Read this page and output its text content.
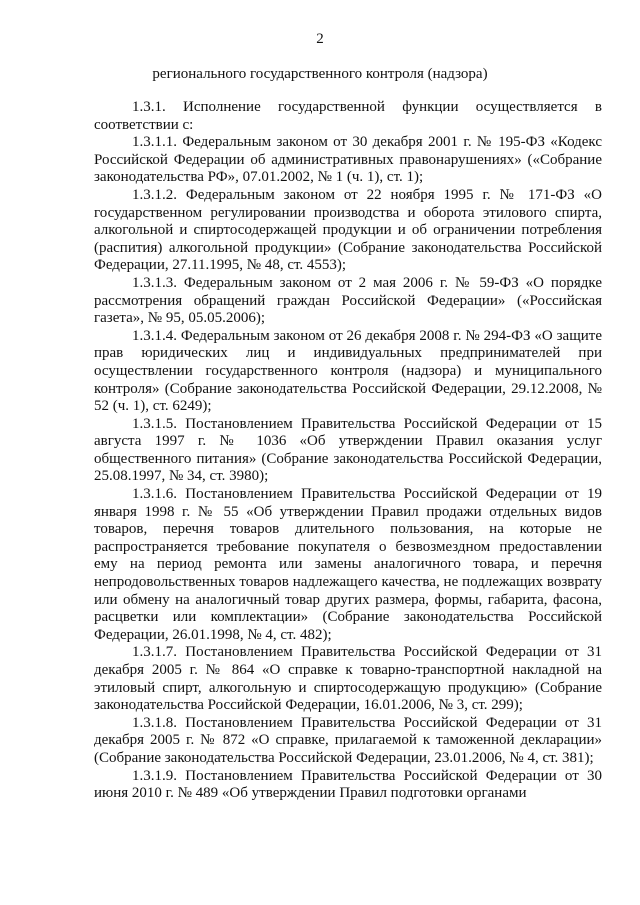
2
регионального государственного контроля (надзора)

1.3.1. Исполнение государственной функции осуществляется в соответствии с:

1.3.1.1. Федеральным законом от 30 декабря 2001 г. № 195-ФЗ «Кодекс Российской Федерации об административных правонарушениях» («Собрание законодательства РФ», 07.01.2002, № 1 (ч. 1), ст. 1);

1.3.1.2. Федеральным законом от 22 ноября 1995 г. № 171-ФЗ «О государственном регулировании производства и оборота этилового спирта, алкогольной и спиртосодержащей продукции и об ограничении потребления (распития) алкогольной продукции» (Собрание законодательства Российской Федерации, 27.11.1995, № 48, ст. 4553);

1.3.1.3. Федеральным законом от 2 мая 2006 г. № 59-ФЗ «О порядке рассмотрения обращений граждан Российской Федерации» («Российская газета», № 95, 05.05.2006);

1.3.1.4. Федеральным законом от 26 декабря 2008 г. № 294-ФЗ «О защите прав юридических лиц и индивидуальных предпринимателей при осуществлении государственного контроля (надзора) и муниципального контроля» (Собрание законодательства Российской Федерации, 29.12.2008, № 52 (ч. 1), ст. 6249);

1.3.1.5. Постановлением Правительства Российской Федерации от 15 августа 1997 г. № 1036 «Об утверждении Правил оказания услуг общественного питания» (Собрание законодательства Российской Федерации, 25.08.1997, № 34, ст. 3980);

1.3.1.6. Постановлением Правительства Российской Федерации от 19 января 1998 г. № 55 «Об утверждении Правил продажи отдельных видов товаров, перечня товаров длительного пользования, на которые не распространяется требование покупателя о безвозмездном предоставлении ему на период ремонта или замены аналогичного товара, и перечня непродовольственных товаров надлежащего качества, не подлежащих возврату или обмену на аналогичный товар других размера, формы, габарита, фасона, расцветки или комплектации» (Собрание законодательства Российской Федерации, 26.01.1998, № 4, ст. 482);

1.3.1.7. Постановлением Правительства Российской Федерации от 31 декабря 2005 г. № 864 «О справке к товарно-транспортной накладной на этиловый спирт, алкогольную и спиртосодержащую продукцию» (Собрание законодательства Российской Федерации, 16.01.2006, № 3, ст. 299);

1.3.1.8. Постановлением Правительства Российской Федерации от 31 декабря 2005 г. № 872 «О справке, прилагаемой к таможенной декларации» (Собрание законодательства Российской Федерации, 23.01.2006, № 4, ст. 381);

1.3.1.9. Постановлением Правительства Российской Федерации от 30 июня 2010 г. № 489 «Об утверждении Правил подготовки органами
